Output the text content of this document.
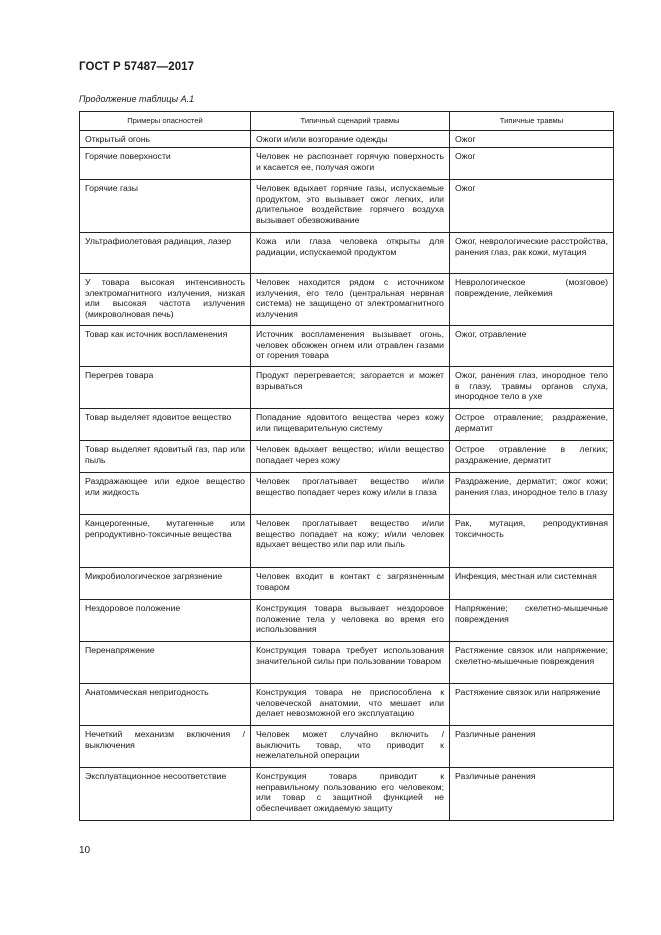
ГОСТ Р 57487—2017
Продолжение таблицы А.1
Примеры опасностей	Типичный сценарий травмы	Типичные травмы
Открытый огонь	Ожоги и/или возгорание одежды	Ожог
Горячие поверхности	Человек не распознает горячую поверхность и касается ее, получая ожоги	Ожог
Горячие газы	Человек вдыхает горячие газы, испускаемые продуктом, это вызывает ожог легких, или длительное воздействие горячего воздуха вызывает обезвоживание	Ожог
Ультрафиолетовая радиация, лазер	Кожа или глаза человека открыты для радиации, испускаемой продуктом	Ожог, неврологические расстройства, ранения глаз, рак кожи, мутация
У товара высокая интенсивность электромагнитного излучения, низкая или высокая частота излучения (микроволновая печь)	Человек находится рядом с источником излучения, его тело (центральная нервная система) не защищено от электромагнитного излучения	Неврологическое (мозговое) повреждение, лейкемия
Товар как источник воспламенения	Источник воспламенения вызывает огонь, человек обожжен огнем или отравлен газами от горения товара	Ожог, отравление
Перегрев товара	Продукт перегревается; загорается и может взрываться	Ожог, ранения глаз, инородное тело в глазу, травмы органов слуха, инородное тело в ухе
Товар выделяет ядовитое вещество	Попадание ядовитого вещества через кожу или пищеварительную систему	Острое отравление; раздражение, дерматит
Товар выделяет ядовитый газ, пар или пыль	Человек вдыхает вещество; и/или вещество попадает через кожу	Острое отравление в легких; раздражение, дерматит
Раздражающее или едкое вещество или жидкость	Человек проглатывает вещество и/или вещество попадает через кожу и/или в глаза	Раздражение, дерматит; ожог кожи; ранения глаз, инородное тело в глазу
Канцерогенные, мутагенные или репродуктивно-токсичные вещества	Человек проглатывает вещество и/или вещество попадает на кожу; и/или человек вдыхает вещество или пар или пыль	Рак, мутация, репродуктивная токсичность
Микробиологическое загрязнение	Человек входит в контакт с загрязненным товаром	Инфекция, местная или системная
Нездоровое положение	Конструкция товара вызывает нездоровое положение тела у человека во время его использования	Напряжение; скелетно-мышечные повреждения
Перенапряжение	Конструкция товара требует использования значительной силы при пользовании товаром	Растяжение связок или напряжение; скелетно-мышечные повреждения
Анатомическая непригодность	Конструкция товара не приспособлена к человеческой анатомии, что мешает или делает невозможной его эксплуатацию	Растяжение связок или напряжение
Нечеткий механизм включения / выключения	Человек может случайно включить / выключить товар, что приводит к нежелательной операции	Различные ранения
Эксплуатационное несоответствие	Конструкция товара приводит к неправильному пользованию его человеком; или товар с защитной функцией не обеспечивает ожидаемую защиту	Различные ранения
10
